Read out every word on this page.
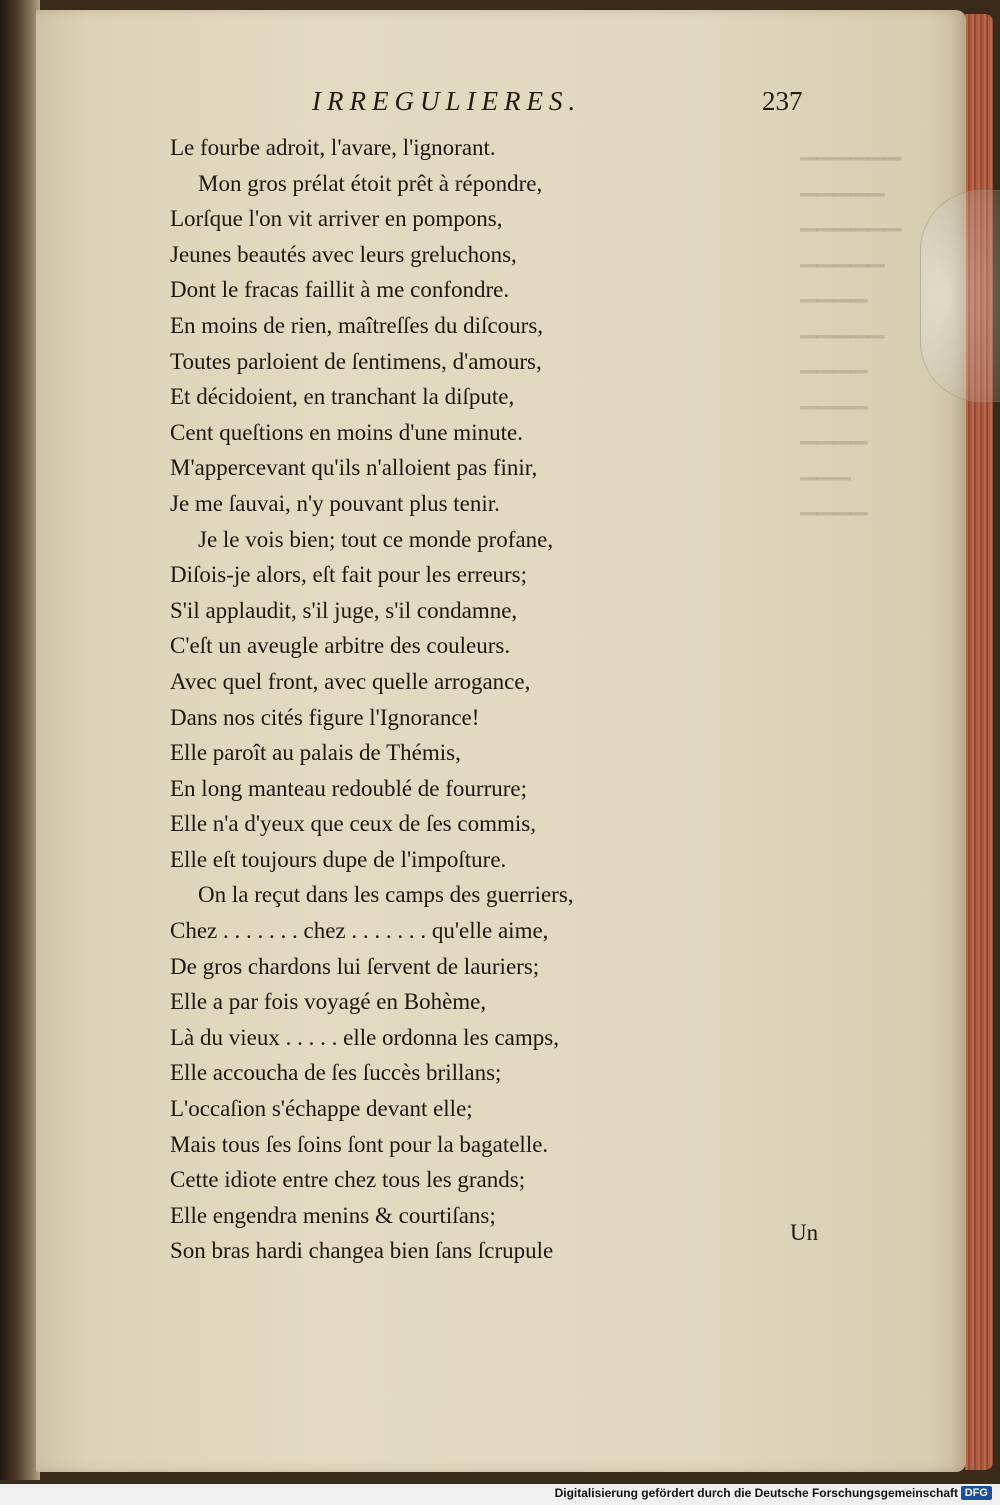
▁▁▁▁▁▁
▁▁▁▁▁
▁▁▁▁▁▁
▁▁▁▁▁
▁▁▁▁
▁▁▁▁▁
▁▁▁▁
▁▁▁▁
▁▁▁▁
▁▁▁
▁▁▁▁
IRREGULIERES.	237
Le fourbe adroit, l'avare, l'ignorant.
Mon gros prélat étoit prêt à répondre,
Lorſque l'on vit arriver en pompons,
Jeunes beautés avec leurs greluchons,
Dont le fracas faillit à me confondre.
En moins de rien, maîtreſſes du diſcours,
Toutes parloient de ſentimens, d'amours,
Et décidoient, en tranchant la diſpute,
Cent queſtions en moins d'une minute.
M'appercevant qu'ils n'alloient pas finir,
Je me ſauvai, n'y pouvant plus tenir.
Je le vois bien; tout ce monde profane,
Diſois-je alors, eſt fait pour les erreurs;
S'il applaudit, s'il juge, s'il condamne,
C'eſt un aveugle arbitre des couleurs.
Avec quel front, avec quelle arrogance,
Dans nos cités figure l'Ignorance!
Elle paroît au palais de Thémis,
En long manteau redoublé de fourrure;
Elle n'a d'yeux que ceux de ſes commis,
Elle eſt toujours dupe de l'impoſture.
On la reçut dans les camps des guerriers,
Chez . . . . . . . chez . . . . . . . qu'elle aime,
De gros chardons lui ſervent de lauriers;
Elle a par fois voyagé en Bohème,
Là du vieux . . . . . elle ordonna les camps,
Elle accoucha de ſes ſuccès brillans;
L'occaſion s'échappe devant elle;
Mais tous ſes ſoins ſont pour la bagatelle.
Cette idiote entre chez tous les grands;
Elle engendra menins & courtiſans;
Son bras hardi changea bien ſans ſcrupule
Un
Digitalisierung gefördert durch die Deutsche Forschungsgemeinschaft DFG
